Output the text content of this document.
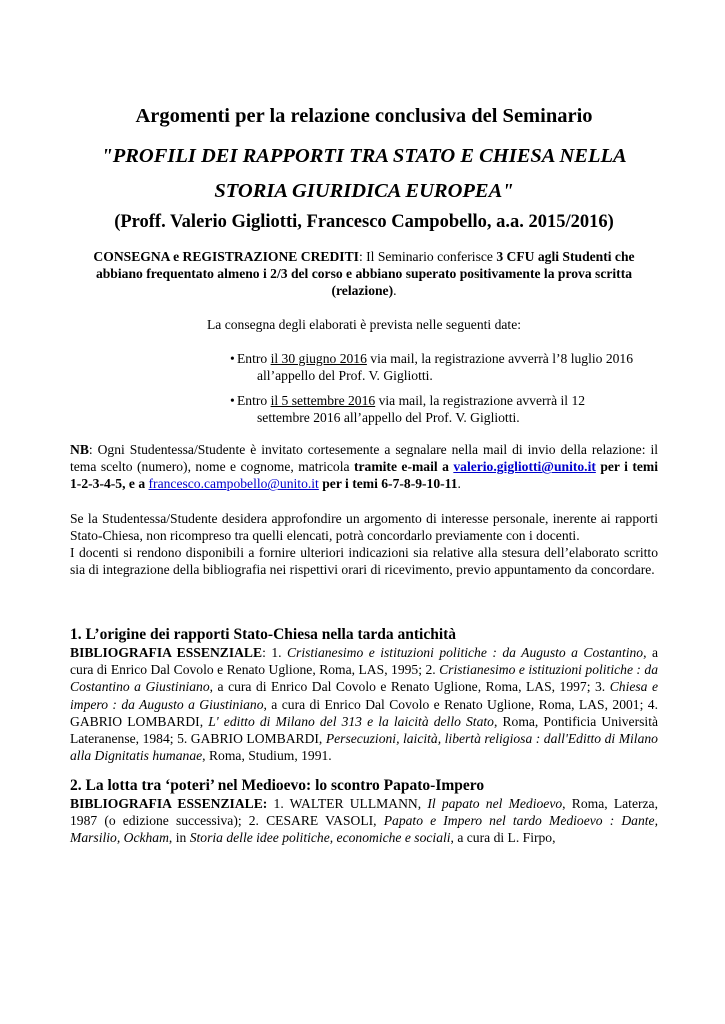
Argomenti per la relazione conclusiva del Seminario
"PROFILI DEI RAPPORTI TRA STATO E CHIESA NELLA
STORIA GIURIDICA EUROPEA"
(Proff. Valerio Gigliotti, Francesco Campobello, a.a. 2015/2016)

CONSEGNA e REGISTRAZIONE CREDITI: Il Seminario conferisce 3 CFU agli Studenti che abbiano frequentato almeno i 2/3 del corso e abbiano superato positivamente la prova scritta (relazione).

La consegna degli elaborati è prevista nelle seguenti date:

• Entro il 30 giugno 2016 via mail, la registrazione avverrà l’8 luglio 2016
all’appello del Prof. V. Gigliotti.
• Entro il 5 settembre 2016 via mail, la registrazione avverrà il 12
settembre 2016 all’appello del Prof. V. Gigliotti.

NB: Ogni Studentessa/Studente è invitato cortesemente a segnalare nella mail di invio della relazione: il tema scelto (numero), nome e cognome, matricola tramite e-mail a valerio.gigliotti@unito.it per i temi 1-2-3-4-5, e a francesco.campobello@unito.it per i temi 6-7-8-9-10-11.

Se la Studentessa/Studente desidera approfondire un argomento di interesse personale, inerente ai rapporti Stato-Chiesa, non ricompreso tra quelli elencati, potrà concordarlo previamente con i docenti.

I docenti si rendono disponibili a fornire ulteriori indicazioni sia relative alla stesura dell’elaborato scritto sia di integrazione della bibliografia nei rispettivi orari di ricevimento, previo appuntamento da concordare.

1. L’origine dei rapporti Stato-Chiesa nella tarda antichità

BIBLIOGRAFIA ESSENZIALE: 1. Cristianesimo e istituzioni politiche : da Augusto a Costantino, a cura di Enrico Dal Covolo e Renato Uglione, Roma, LAS, 1995; 2. Cristianesimo e istituzioni politiche : da Costantino a Giustiniano, a cura di Enrico Dal Covolo e Renato Uglione, Roma, LAS, 1997; 3. Chiesa e impero : da Augusto a Giustiniano, a cura di Enrico Dal Covolo e Renato Uglione, Roma, LAS, 2001; 4. GABRIO LOMBARDI, L' editto di Milano del 313 e la laicità dello Stato, Roma, Pontificia Università Lateranense, 1984; 5. GABRIO LOMBARDI, Persecuzioni, laicità, libertà religiosa : dall'Editto di Milano alla Dignitatis humanae, Roma, Studium, 1991.

2. La lotta tra ‘poteri’ nel Medioevo: lo scontro Papato-Impero

BIBLIOGRAFIA ESSENZIALE: 1. WALTER ULLMANN, Il papato nel Medioevo, Roma, Laterza, 1987 (o edizione successiva); 2. CESARE VASOLI, Papato e Impero nel tardo Medioevo : Dante, Marsilio, Ockham, in Storia delle idee politiche, economiche e sociali, a cura di L. Firpo,
